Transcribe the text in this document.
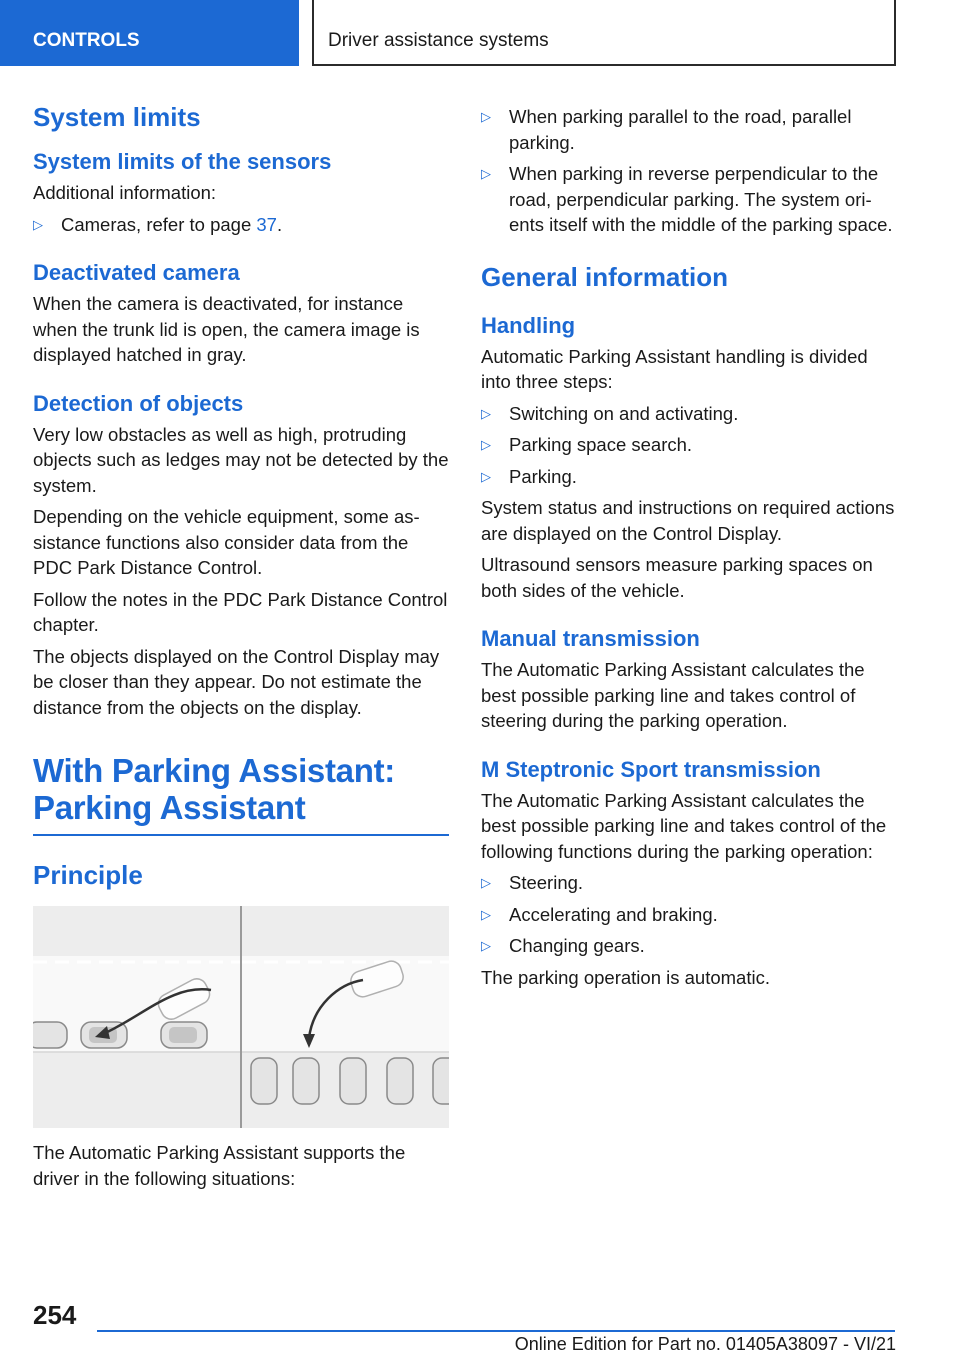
CONTROLS	Driver assistance systems
System limits
System limits of the sensors
Additional information:
▷ Cameras, refer to page 37.
Deactivated camera
When the camera is deactivated, for instance when the trunk lid is open, the camera image is displayed hatched in gray.
Detection of objects
Very low obstacles as well as high, protruding objects such as ledges may not be detected by the system.
Depending on the vehicle equipment, some assistance functions also consider data from the PDC Park Distance Control.
Follow the notes in the PDC Park Distance Control chapter.
The objects displayed on the Control Display may be closer than they appear. Do not estimate the distance from the objects on the display.
With Parking Assistant:
Parking Assistant
Principle
The Automatic Parking Assistant supports the driver in the following situations:
▷ When parking parallel to the road, parallel parking.
▷ When parking in reverse perpendicular to the road, perpendicular parking. The system orients itself with the middle of the parking space.
General information
Handling
Automatic Parking Assistant handling is divided into three steps:
▷ Switching on and activating.
▷ Parking space search.
▷ Parking.
System status and instructions on required actions are displayed on the Control Display.
Ultrasound sensors measure parking spaces on both sides of the vehicle.
Manual transmission
The Automatic Parking Assistant calculates the best possible parking line and takes control of steering during the parking operation.
M Steptronic Sport transmission
The Automatic Parking Assistant calculates the best possible parking line and takes control of the following functions during the parking operation:
▷ Steering.
▷ Accelerating and braking.
▷ Changing gears.
The parking operation is automatic.
254
Online Edition for Part no. 01405A38097 - VI/21
